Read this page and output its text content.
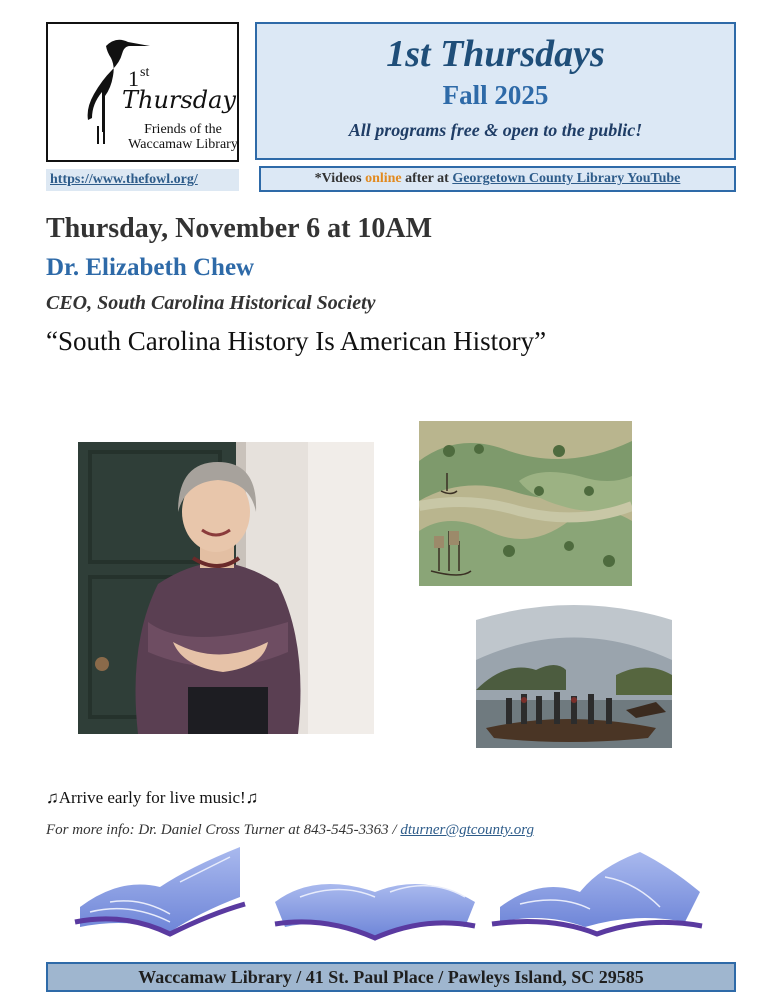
1 st
Thursday
Friends of the
Waccamaw Library
https://www.thefowl.org/
1st Thursdays
Fall 2025
All programs free & open to the public!
*Videos online after at Georgetown County Library YouTube
Thursday, November 6 at 10AM
Dr. Elizabeth Chew
CEO, South Carolina Historical Society
“South Carolina History Is American History”
♫Arrive early for live music!♫
For more info: Dr. Daniel Cross Turner at 843-545-3363 / dturner@gtcounty.org
Waccamaw Library / 41 St. Paul Place / Pawleys Island, SC 29585
